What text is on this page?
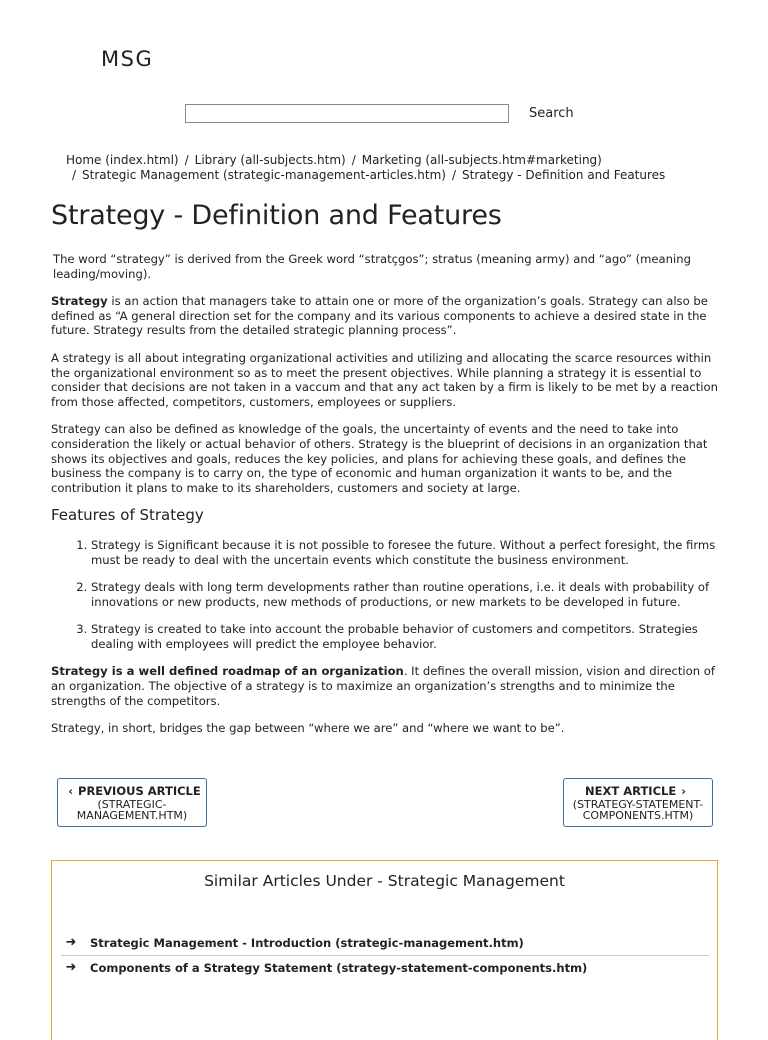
MSG
Search
Home (index.html) / Library (all-subjects.htm) / Marketing (all-subjects.htm#marketing)
/ Strategic Management (strategic-management-articles.htm) / Strategy - Definition and Features
Strategy - Definition and Features

The word “strategy” is derived from the Greek word “stratçgos”; stratus (meaning army) and “ago” (meaning leading/moving).

Strategy is an action that managers take to attain one or more of the organization’s goals. Strategy can also be defined as “A general direction set for the company and its various components to achieve a desired state in the future. Strategy results from the detailed strategic planning process”.

A strategy is all about integrating organizational activities and utilizing and allocating the scarce resources within the organizational environment so as to meet the present objectives. While planning a strategy it is essential to consider that decisions are not taken in a vaccum and that any act taken by a firm is likely to be met by a reaction from those affected, competitors, customers, employees or suppliers.

Strategy can also be defined as knowledge of the goals, the uncertainty of events and the need to take into consideration the likely or actual behavior of others. Strategy is the blueprint of decisions in an organization that shows its objectives and goals, reduces the key policies, and plans for achieving these goals, and defines the business the company is to carry on, the type of economic and human organization it wants to be, and the contribution it plans to make to its shareholders, customers and society at large.

Features of Strategy
1. Strategy is Significant because it is not possible to foresee the future. Without a perfect foresight, the firms must be ready to deal with the uncertain events which constitute the business environment.
2. Strategy deals with long term developments rather than routine operations, i.e. it deals with probability of innovations or new products, new methods of productions, or new markets to be developed in future.
3. Strategy is created to take into account the probable behavior of customers and competitors. Strategies dealing with employees will predict the employee behavior.

Strategy is a well defined roadmap of an organization. It defines the overall mission, vision and direction of an organization. The objective of a strategy is to maximize an organization’s strengths and to minimize the strengths of the competitors.

Strategy, in short, bridges the gap between “where we are” and “where we want to be”.

‹ PREVIOUS ARTICLE
(STRATEGIC-
MANAGEMENT.HTM)
NEXT ARTICLE ›
(STRATEGY-STATEMENT-
COMPONENTS.HTM)
Similar Articles Under - Strategic Management
➜	Strategic Management - Introduction (strategic-management.htm)
➜	Components of a Strategy Statement (strategy-statement-components.htm)
